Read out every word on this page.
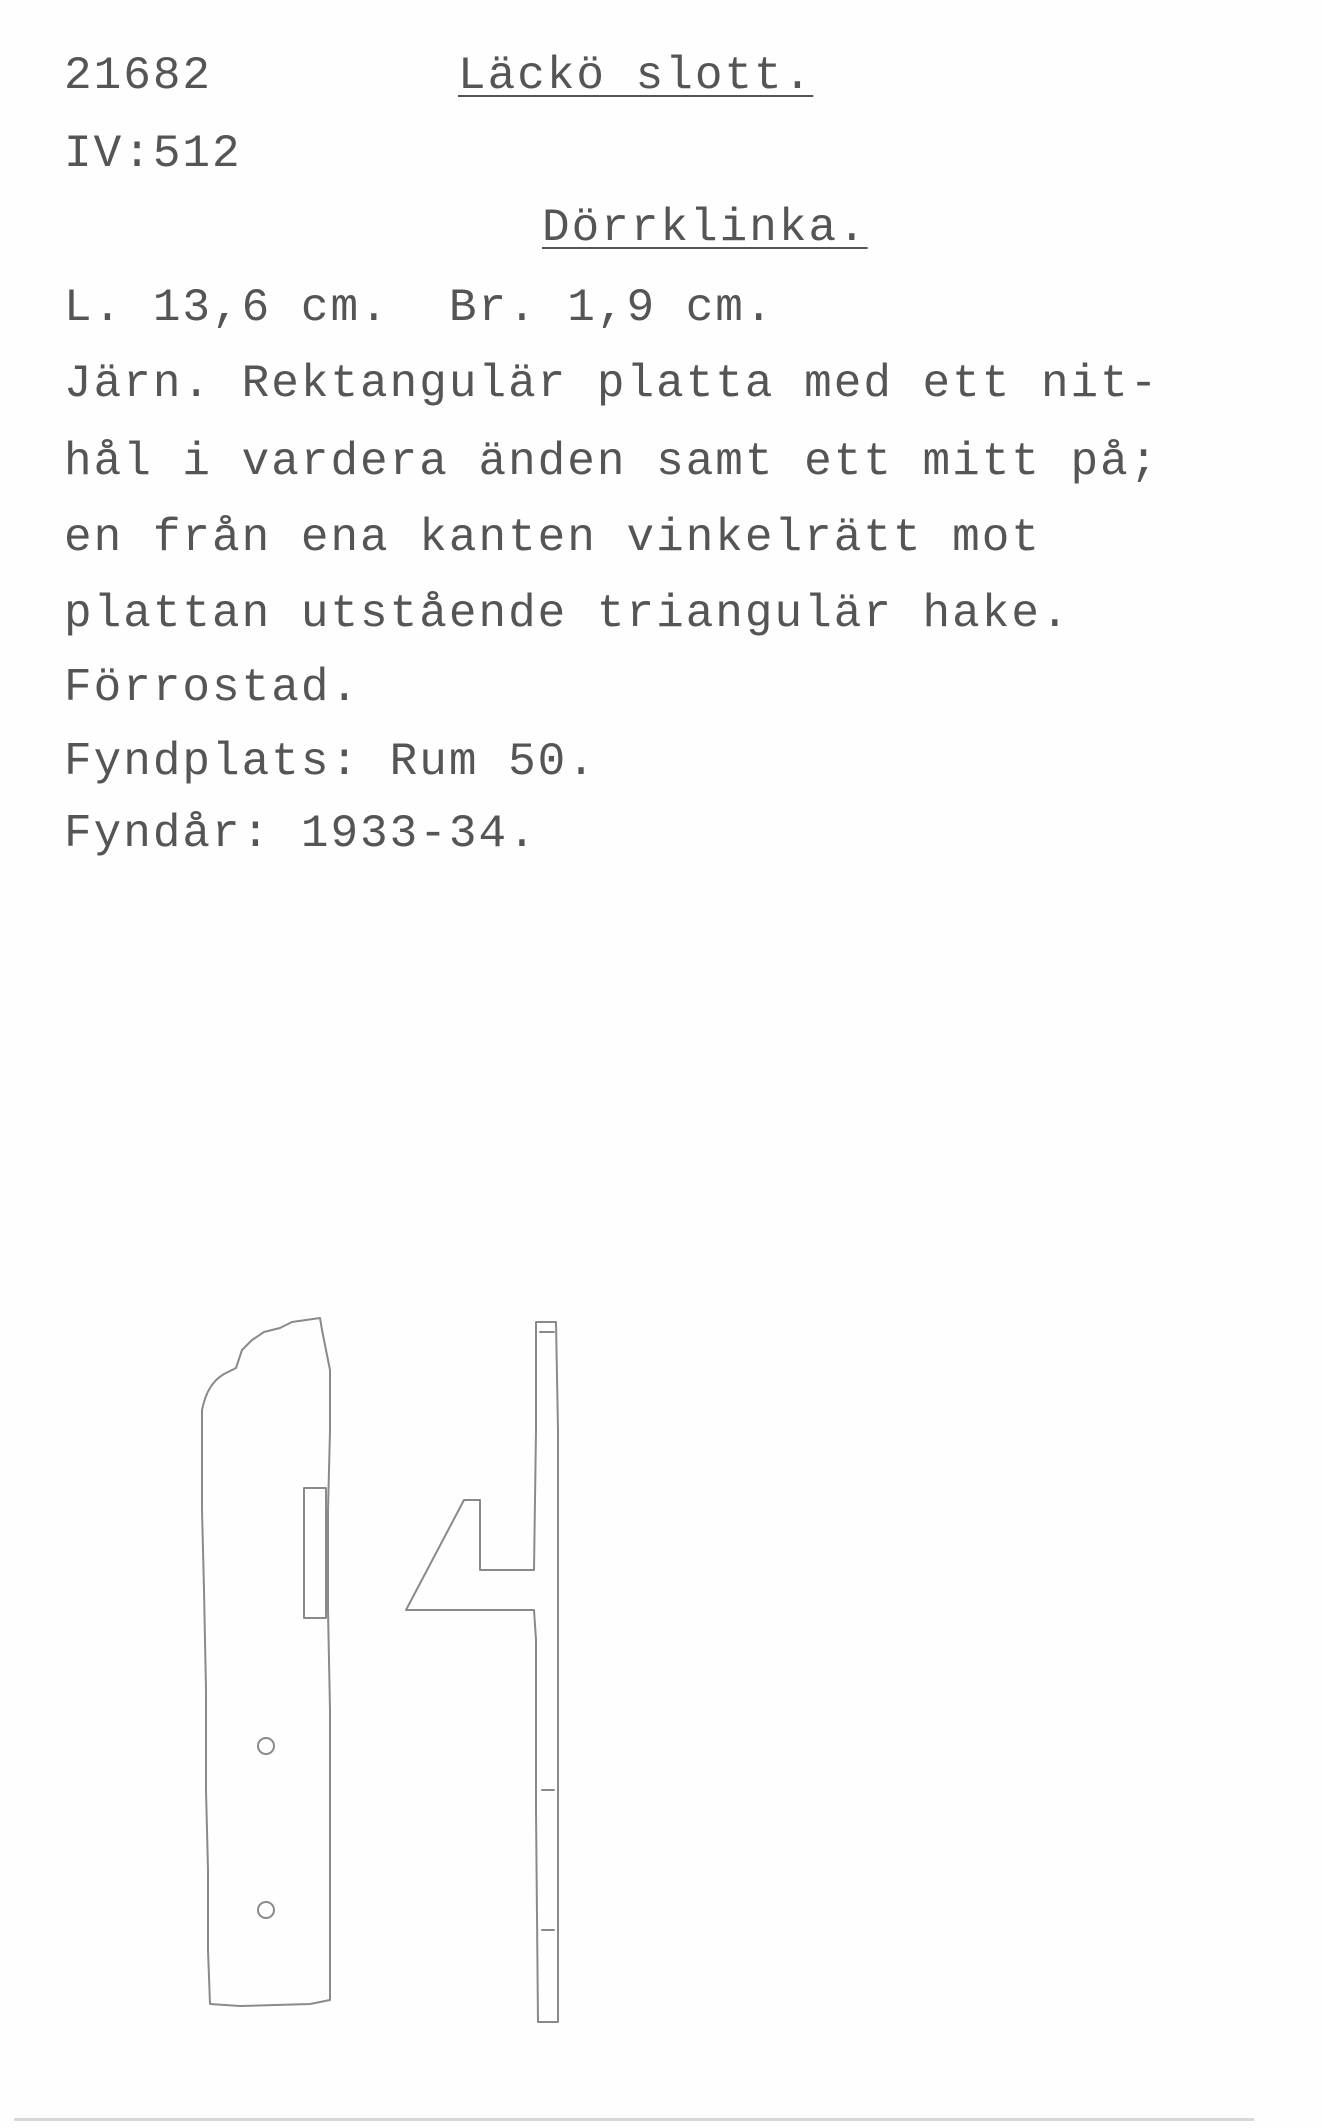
21682	Läckö slott.
IV:512
Dörrklinka.
L. 13,6 cm.  Br. 1,9 cm.
Järn. Rektangulär platta med ett nit-
hål i vardera änden samt ett mitt på;
en från ena kanten vinkelrätt mot
plattan utstående triangulär hake.
Förrostad.
Fyndplats: Rum 50.
Fyndår: 1933-34.
